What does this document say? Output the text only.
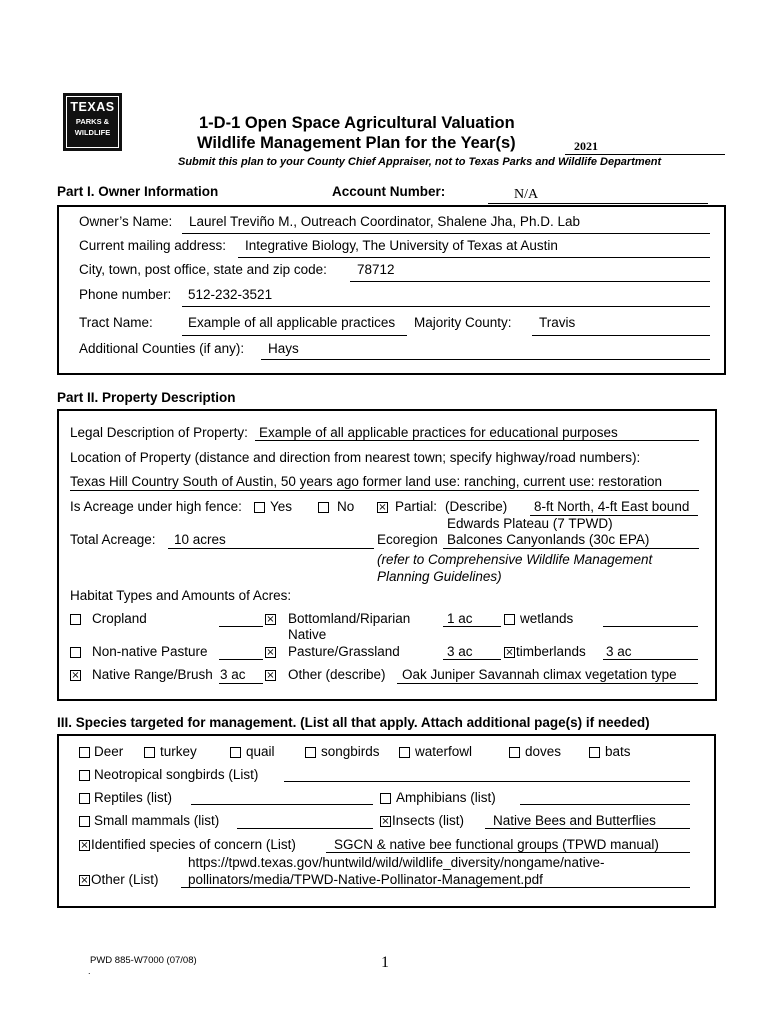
TEXAS
PARKS &
WILDLIFE
1-D-1 Open Space Agricultural Valuation
Wildlife Management Plan for the Year(s)	2021
Submit this plan to your County Chief Appraiser, not to Texas Parks and Wildlife Department
Part I. Owner Information	Account Number:	N/A
Owner’s Name: Laurel Treviño M., Outreach Coordinator, Shalene Jha, Ph.D. Lab
Current mailing address: Integrative Biology, The University of Texas at Austin
City, town, post office, state and zip code: 78712
Phone number: 512-232-3521
Tract Name:	Example of all applicable practices Majority County: Travis
Additional Counties (if any): Hays
Part II. Property Description
Legal Description of Property: Example of all applicable practices for educational purposes
Location of Property (distance and direction from nearest town; specify highway/road numbers):
Texas Hill Country South of Austin, 50 years ago former land use: ranching, current use: restoration
Is Acreage under high fence: Yes	No × Partial: (Describe) 8-ft North, 4-ft East bound
Edwards Plateau (7 TPWD)
Total Acreage: 10 acres	Ecoregion Balcones Canyonlands (30c EPA)
(refer to Comprehensive Wildlife Management
Planning Guidelines)
Habitat Types and Amounts of Acres:
Cropland	× Bottomland/Riparian	1 ac	wetlands
Native
Non-native Pasture	× Pasture/Grassland	3 ac	× timberlands 3 ac
× Native Range/Brush 3 ac × Other (describe) Oak Juniper Savannah climax vegetation type
III. Species targeted for management. (List all that apply. Attach additional page(s) if needed)
Deer	turkey	quail	songbirds	waterfowl	doves	bats
Neotropical songbirds (List)
Reptiles (list)	Amphibians (list)
Small mammals (list)	× Insects (list) Native Bees and Butterflies
× Identified species of concern (List)	SGCN & native bee functional groups (TPWD manual)
https://tpwd.texas.gov/huntwild/wild/wildlife_diversity/nongame/native-
× Other (List) pollinators/media/TPWD-Native-Pollinator-Management.pdf
PWD 885-W7000 (07/08)	1
.
